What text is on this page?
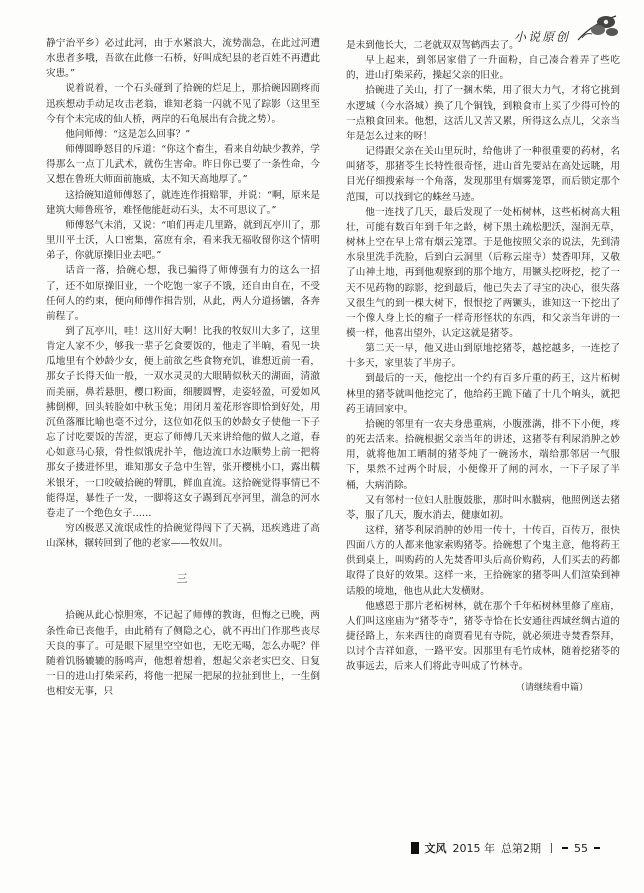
小说原创

静宁治平乡）必过此河，由于水紧浪大，流势湍急，在此过河遭水患者多哦，吾欲在此修一石桥，好叫成纪县的老百姓不再遭此灾患。”

说着说着，一个石头碰到了拾碗的烂足上，那拾碗因剧疼而迅疾想动手动足攻击老翁，谁知老翁一闪就不见了踪影（这里至今有个未完成的仙人桥，两岸的石龟展出有合拢之势）。

他问师傅：“这是怎么回事？”

师傅圆睁怒目的斥道：“你这个畜生，看来自幼缺少教养，学得那么一点丁儿武术，就伤生害命。昨日你已要了一条性命，今又想在鲁班大师面前施威，太不知天高地厚了。”

这拾碗知道师傅怒了，就连连作揖赔罪，并说：“啊，原来是建筑大师鲁班爷，难怪他能赶动石头，太不可思议了。”

师傅怒气未消，又说：“咱们再走几里路，就到瓦亭川了，那里川平土沃，人口密集，富庶有余，看来我无福收留你这个情明弟子，你就原操旧业去吧。”

话音一落，拾碗心想，我已骗得了师傅强有力的这么一招了，还不如原操旧业，一个吃饱一家子不饿，还自由自在，不受任何人的约束，便向师傅作揖告别，从此，两人分道扬镳，各奔前程了。

到了瓦亭川，哇！这川好大啊！比我的牧奴川大多了，这里肯定人家不少，够我一辈子乞食要饭的，他走了半晌，看见一块瓜地里有个妙龄少女，便上前欲乞些食物充饥，谁想近前一看，那女子长得天仙一般，一双水灵灵的大眼睛似秋天的湖面，清澈而美丽，鼻若悬胆，樱口粉面，细腰圆臀，走姿轻盈，可爱如风拂倒柳，回头转脸如中秋玉兔；用闭月羞花形容即恰到好处，用沉鱼落雁比喻也毫不过分，这位如花似玉的妙龄女子使他一下子忘了讨吃要饭的苦涩，更忘了师傅几天来讲给他的做人之道，春心如意马心猿，骨性似饿虎扑羊，他边流口水边顺势上前一把将那女子搂进怀里，谁知那女子急中生智，张开樱桃小口，露出糯米银牙，一口咬破拾碗的臂肌，鲜血直流。这拾碗觉得事情已不能得逞，暴性子一发，一脚将这女子踢到瓦亭河里，湍急的河水卷走了一个绝色女子……

穷凶极恶又流氓成性的拾碗觉得闯下了天祸，迅疾逃进了高山深林，辗转回到了他的老家——牧奴川。

三

拾碗从此心惊胆寒，不记起了师傅的教诲，但悔之已晚，两条性命已丧他手，由此稍有了侧隐之心，就不再出门作那些丧尽天良的事了。可是眼下屋里空空如也，无吃无喝，怎么办呢？伴随着饥肠辘辘的肠鸣声，他想着想着，想起父亲老实巴交、日复一日的进山打柴采药，将他一把屎一把尿的拉扯到世上，一生倒也相安无事，只

是未到他长大，二老就双双驾鹤西去了。

早上起来，到邻居家借了一升面粉，自己凑合着弄了些吃的，进山打柴采药，操起父亲的旧业。

拾碗进了关山，打了一捆木柴，用了很大力气，才将它挑到水逻城（今水洛城）换了几个铜钱，到粮食市上买了少得可怜的一点粮食回来。他想，这活儿又苦又累，所得这么点儿，父亲当年是怎么过来的呀！

记得跟父亲在关山里玩时，给他讲了一种很重要的药材，名叫猪苓，那猪苓生长特性很奇怪，进山首先要站在高处远眺，用目光仔细搜索每一个角落，发现那里有烟雾笼罩，而后锁定那个范围，可以找到它的蛛丝马迹。

他一连找了几天，最后发现了一处柘树林，这些柘树高大粗壮，可能有数百年到千年之龄，树下黑土疏松肥沃，湿润无草，树林上空在早上常有烟云笼罩。于是他按照父亲的说法，先到清水泉里洗手洗脸，后到白云洞里（后称云崖寺）焚香叩拜，又敬了山神土地，再到他观察到的那个地方，用镢头挖呀挖，挖了一天不见药物的踪影，挖到最后，他已失去了寻宝的决心，很失落又很生气的到一棵大树下，恨恨挖了两镢头，谁知这一下挖出了一个像人身上长的瘤子一样奇形怪状的东西，和父亲当年讲的一模一样，他喜出望外，认定这就是猪苓。

第二天一早，他又进山到原地挖猪苓，越挖越多，一连挖了十多天，家里装了半房子。

到最后的一天，他挖出一个约有百多斤重的药王，这片柘树林里的猪苓就叫他挖完了，他给药王跪下磕了十几个响头，就把药王请回家中。

拾碗的邻里有一农夫身患重病，小腹涨满，排不下小便，疼的死去活来。拾碗根据父亲当年的讲述，这猪苓有利尿消肿之妙用，就将他加工晒制的猪苓炖了一碗汤水，端给那邻居一气服下，果然不过两个时辰，小便像开了闸的河水，一下子尿了半桶，大病消除。

又有邻村一位妇人肚腹鼓胀，那时叫水臌病，他照例送去猪苓，服了几天，腹水消去，健康如初。

这样，猪苓利尿消肿的妙用一传十，十传百，百传万，很快四面八方的人都来他家索购猪苓。拾碗想了个鬼主意，他将药王供到桌上，叫购药的人先焚香叩头后高价购药，人们买去的药都取得了良好的效果。这样一来，王拾碗家的猪苓叫人们渲染到神话般的境地，他也从此大发横财。

他感恩于那片老柘树林，就在那个千年柘树林里修了座庙，人们叫这座庙为“猪苓寺”，猪苓寺恰在长安通往西域丝绸古道的捷径路上，东来西往的商贾看见有寺院，就必须进寺焚香祭拜，以讨个吉祥如意，一路平安。因那里有毛竹成林，随着挖猪苓的故事远去，后来人们将此寺叫成了竹林寺。

（请继续看中篇）
文风 2015 年 总第2期	55
